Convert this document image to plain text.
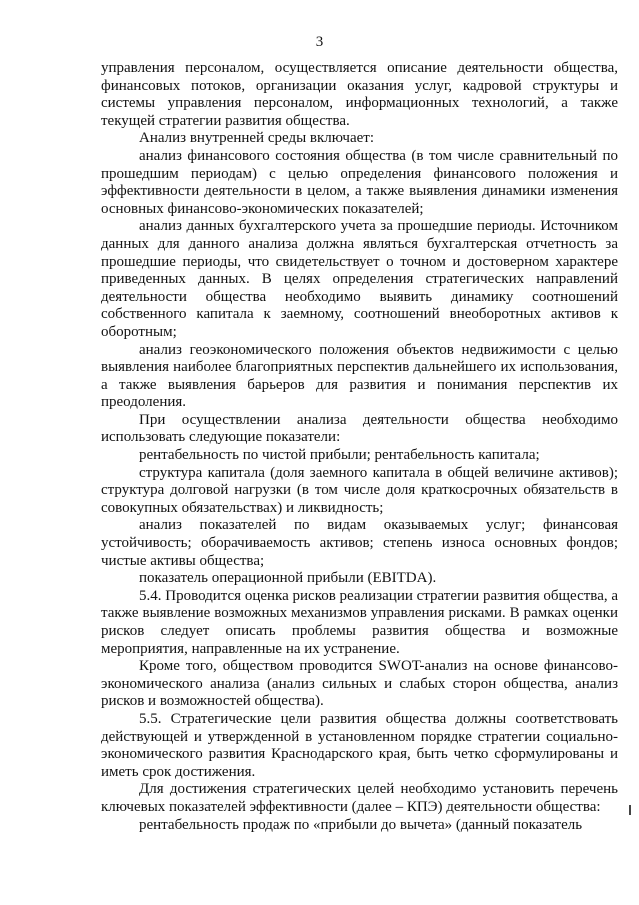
3

управления персоналом, осуществляется описание деятельности общества, финансовых потоков, организации оказания услуг, кадровой структуры и системы управления персоналом, информационных технологий, а также текущей стратегии развития общества.

Анализ внутренней среды включает:

анализ финансового состояния общества (в том числе сравнительный по прошедшим периодам) с целью определения финансового положения и эффективности деятельности в целом, а также выявления динамики изменения основных финансово-экономических показателей;

анализ данных бухгалтерского учета за прошедшие периоды. Источником данных для данного анализа должна являться бухгалтерская отчетность за прошедшие периоды, что свидетельствует о точном и достоверном характере приведенных данных. В целях определения стратегических направлений деятельности общества необходимо выявить динамику соотношений собственного капитала к заемному, соотношений внеоборотных активов к оборотным;

анализ геоэкономического положения объектов недвижимости с целью выявления наиболее благоприятных перспектив дальнейшего их использования, а также выявления барьеров для развития и понимания перспектив их преодоления.

При осуществлении анализа деятельности общества необходимо использовать следующие показатели:

рентабельность по чистой прибыли; рентабельность капитала;

структура капитала (доля заемного капитала в общей величине активов); структура долговой нагрузки (в том числе доля краткосрочных обязательств в совокупных обязательствах) и ликвидность;

анализ показателей по видам оказываемых услуг; финансовая устойчивость; оборачиваемость активов; степень износа основных фондов; чистые активы общества;

показатель операционной прибыли (EBITDA).

5.4. Проводится оценка рисков реализации стратегии развития общества, а также выявление возможных механизмов управления рисками. В рамках оценки рисков следует описать проблемы развития общества и возможные мероприятия, направленные на их устранение.

Кроме того, обществом проводится SWOT-анализ на основе финансово-экономического анализа (анализ сильных и слабых сторон общества, анализ рисков и возможностей общества).

5.5. Стратегические цели развития общества должны соответствовать действующей и утвержденной в установленном порядке стратегии социально-экономического развития Краснодарского края, быть четко сформулированы и иметь срок достижения.

Для достижения стратегических целей необходимо установить перечень ключевых показателей эффективности (далее – КПЭ) деятельности общества:

рентабельность продаж по «прибыли до вычета» (данный показатель
